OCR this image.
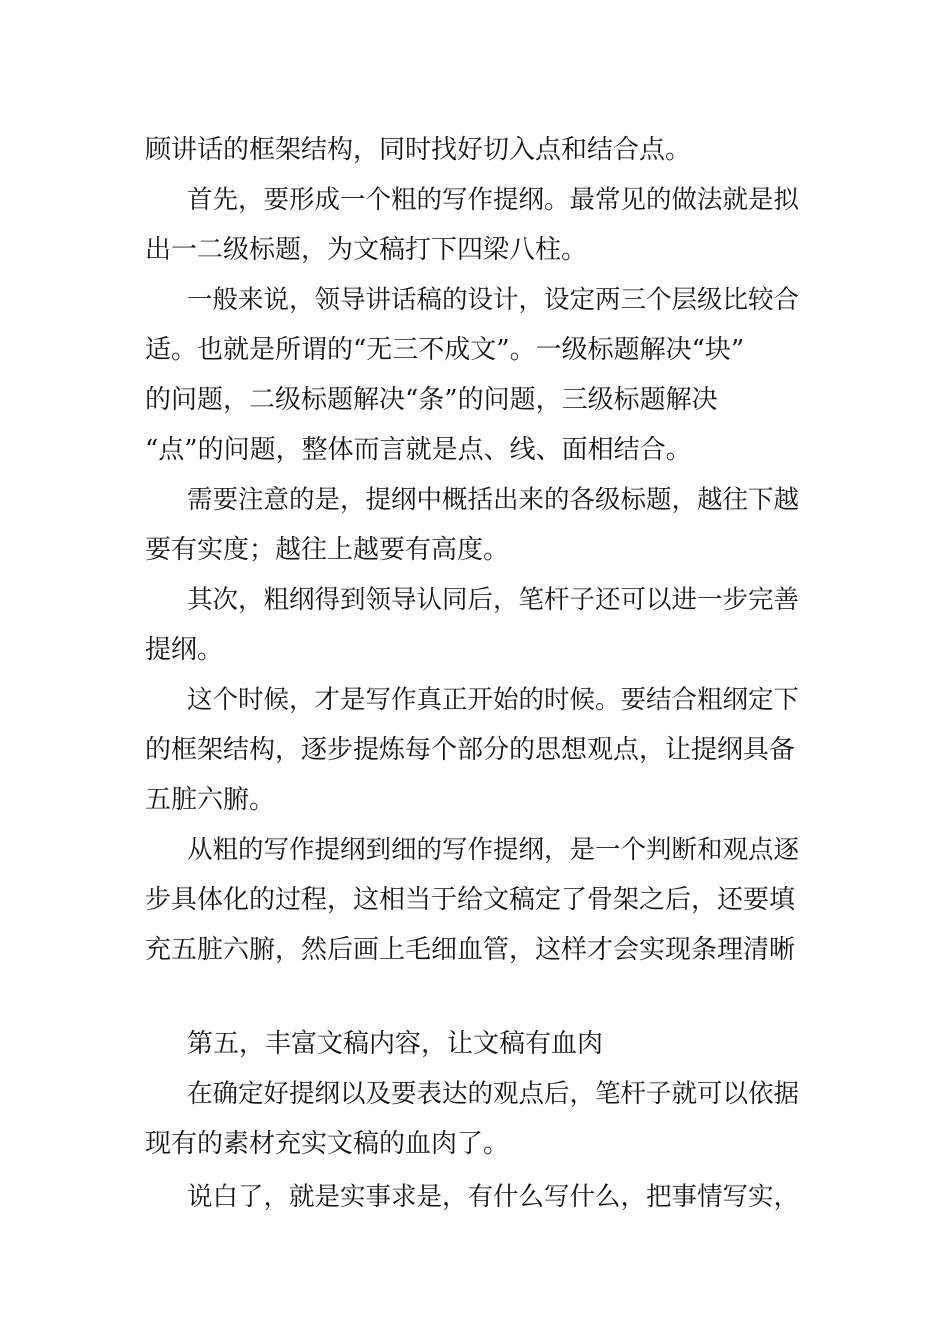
顾讲话的框架结构，同时找好切入点和结合点。
首先，要形成一个粗的写作提纲。最常见的做法就是拟
出一二级标题，为文稿打下四梁八柱。
一般来说，领导讲话稿的设计，设定两三个层级比较合
适。也就是所谓的“无三不成文”。一级标题解决“块”
的问题，二级标题解决“条”的问题，三级标题解决
“点”的问题，整体而言就是点、线、面相结合。
需要注意的是，提纲中概括出来的各级标题，越往下越
要有实度；越往上越要有高度。
其次，粗纲得到领导认同后，笔杆子还可以进一步完善
提纲。
这个时候，才是写作真正开始的时候。要结合粗纲定下
的框架结构，逐步提炼每个部分的思想观点，让提纲具备
五脏六腑。
从粗的写作提纲到细的写作提纲，是一个判断和观点逐
步具体化的过程，这相当于给文稿定了骨架之后，还要填
充五脏六腑，然后画上毛细血管，这样才会实现条理清晰
第五，丰富文稿内容，让文稿有血肉
在确定好提纲以及要表达的观点后，笔杆子就可以依据
现有的素材充实文稿的血肉了。
说白了，就是实事求是，有什么写什么，把事情写实，
